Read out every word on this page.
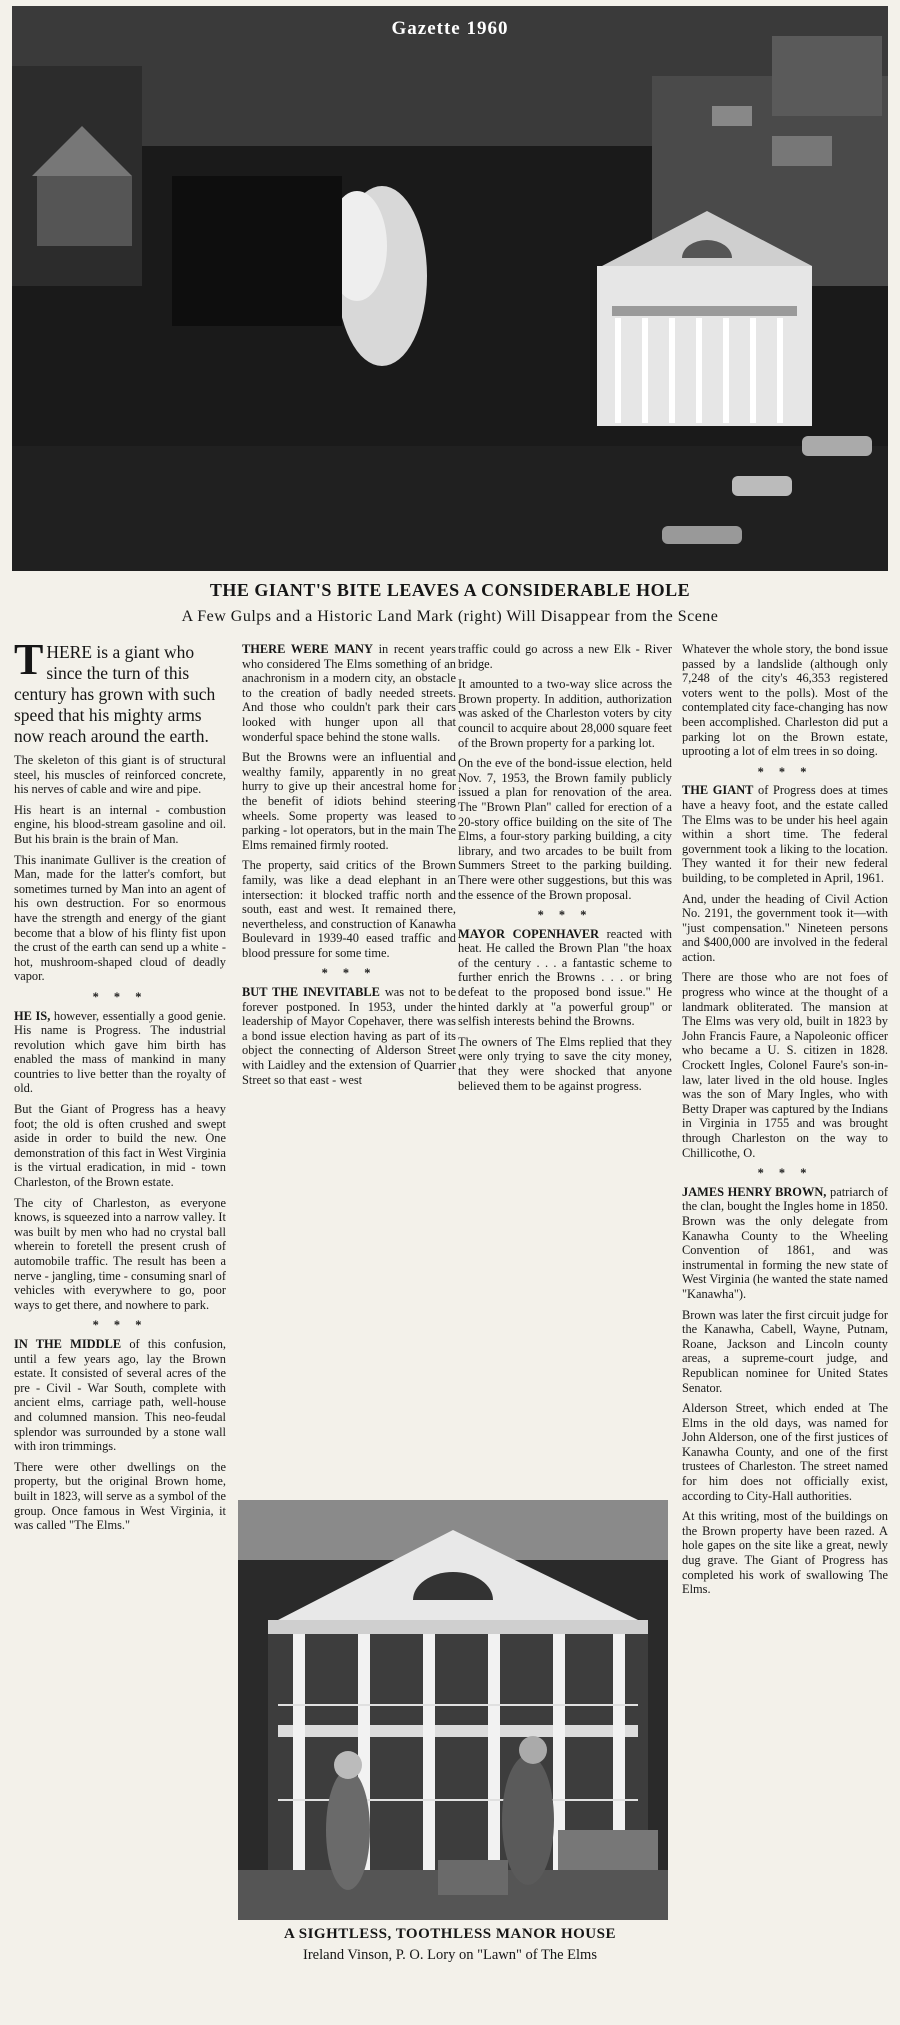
Gazette 1960
THE GIANT'S BITE LEAVES A CONSIDERABLE HOLE
A Few Gulps and a Historic Land Mark (right) Will Disappear from the Scene

THERE is a giant who since the turn of this century has grown with such speed that his mighty arms now reach around the earth.

The skeleton of this giant is of structural steel, his muscles of reinforced concrete, his nerves of cable and wire and pipe.

His heart is an internal - combustion engine, his blood-stream gasoline and oil. But his brain is the brain of Man.

This inanimate Gulliver is the creation of Man, made for the latter's comfort, but sometimes turned by Man into an agent of his own destruction. For so enormous have the strength and energy of the giant become that a blow of his flinty fist upon the crust of the earth can send up a white - hot, mushroom-shaped cloud of deadly vapor.

* * *

HE IS, however, essentially a good genie. His name is Progress. The industrial revolution which gave him birth has enabled the mass of mankind in many countries to live better than the royalty of old.

But the Giant of Progress has a heavy foot; the old is often crushed and swept aside in order to build the new. One demonstration of this fact in West Virginia is the virtual eradication, in mid - town Charleston, of the Brown estate.

The city of Charleston, as everyone knows, is squeezed into a narrow valley. It was built by men who had no crystal ball wherein to foretell the present crush of automobile traffic. The result has been a nerve - jangling, time - consuming snarl of vehicles with everywhere to go, poor ways to get there, and nowhere to park.

* * *

IN THE MIDDLE of this confusion, until a few years ago, lay the Brown estate. It consisted of several acres of the pre - Civil - War South, complete with ancient elms, carriage path, well-house and columned mansion. This neo-feudal splendor was surrounded by a stone wall with iron trimmings.

There were other dwellings on the property, but the original Brown home, built in 1823, will serve as a symbol of the group. Once famous in West Virginia, it was called "The Elms."

THERE WERE MANY in recent years who considered The Elms something of an anachronism in a modern city, an obstacle to the creation of badly needed streets. And those who couldn't park their cars looked with hunger upon all that wonderful space behind the stone walls.

But the Browns were an influential and wealthy family, apparently in no great hurry to give up their ancestral home for the benefit of idiots behind steering wheels. Some property was leased to parking - lot operators, but in the main The Elms remained firmly rooted.

The property, said critics of the Brown family, was like a dead elephant in an intersection: it blocked traffic north and south, east and west. It remained there, nevertheless, and construction of Kanawha Boulevard in 1939-40 eased traffic and blood pressure for some time.

* * *

BUT THE INEVITABLE was not to be forever postponed. In 1953, under the leadership of Mayor Copehaver, there was a bond issue election having as part of its object the connecting of Alderson Street with Laidley and the extension of Quarrier Street so that east - west

traffic could go across a new Elk - River bridge.

It amounted to a two-way slice across the Brown property. In addition, authorization was asked of the Charleston voters by city council to acquire about 28,000 square feet of the Brown property for a parking lot.

On the eve of the bond-issue election, held Nov. 7, 1953, the Brown family publicly issued a plan for renovation of the area. The "Brown Plan" called for erection of a 20-story office building on the site of The Elms, a four-story parking building, a city library, and two arcades to be built from Summers Street to the parking building. There were other suggestions, but this was the essence of the Brown proposal.

* * *

MAYOR COPENHAVER reacted with heat. He called the Brown Plan "the hoax of the century . . . a fantastic scheme to further enrich the Browns . . . or bring defeat to the proposed bond issue." He hinted darkly at "a powerful group" or selfish interests behind the Browns.

The owners of The Elms replied that they were only trying to save the city money, that they were shocked that anyone believed them to be against progress.

Whatever the whole story, the bond issue passed by a landslide (although only 7,248 of the city's 46,353 registered voters went to the polls). Most of the contemplated city face-changing has now been accomplished. Charleston did put a parking lot on the Brown estate, uprooting a lot of elm trees in so doing.

* * *

THE GIANT of Progress does at times have a heavy foot, and the estate called The Elms was to be under his heel again within a short time. The federal government took a liking to the location. They wanted it for their new federal building, to be completed in April, 1961.

And, under the heading of Civil Action No. 2191, the government took it—with "just compensation." Nineteen persons and $400,000 are involved in the federal action.

There are those who are not foes of progress who wince at the thought of a landmark obliterated. The mansion at The Elms was very old, built in 1823 by John Francis Faure, a Napoleonic officer who became a U. S. citizen in 1828. Crockett Ingles, Colonel Faure's son-in-law, later lived in the old house. Ingles was the son of Mary Ingles, who with Betty Draper was captured by the Indians in Virginia in 1755 and was brought through Charleston on the way to Chillicothe, O.

* * *

JAMES HENRY BROWN, patriarch of the clan, bought the Ingles home in 1850. Brown was the only delegate from Kanawha County to the Wheeling Convention of 1861, and was instrumental in forming the new state of West Virginia (he wanted the state named "Kanawha").

Brown was later the first circuit judge for the Kanawha, Cabell, Wayne, Putnam, Roane, Jackson and Lincoln county areas, a supreme-court judge, and Republican nominee for United States Senator.

Alderson Street, which ended at The Elms in the old days, was named for John Alderson, one of the first justices of Kanawha County, and one of the first trustees of Charleston. The street named for him does not officially exist, according to City-Hall authorities.

At this writing, most of the buildings on the Brown property have been razed. A hole gapes on the site like a great, newly dug grave. The Giant of Progress has completed his work of swallowing The Elms.

A SIGHTLESS, TOOTHLESS MANOR HOUSE
Ireland Vinson, P. O. Lory on "Lawn" of The Elms
